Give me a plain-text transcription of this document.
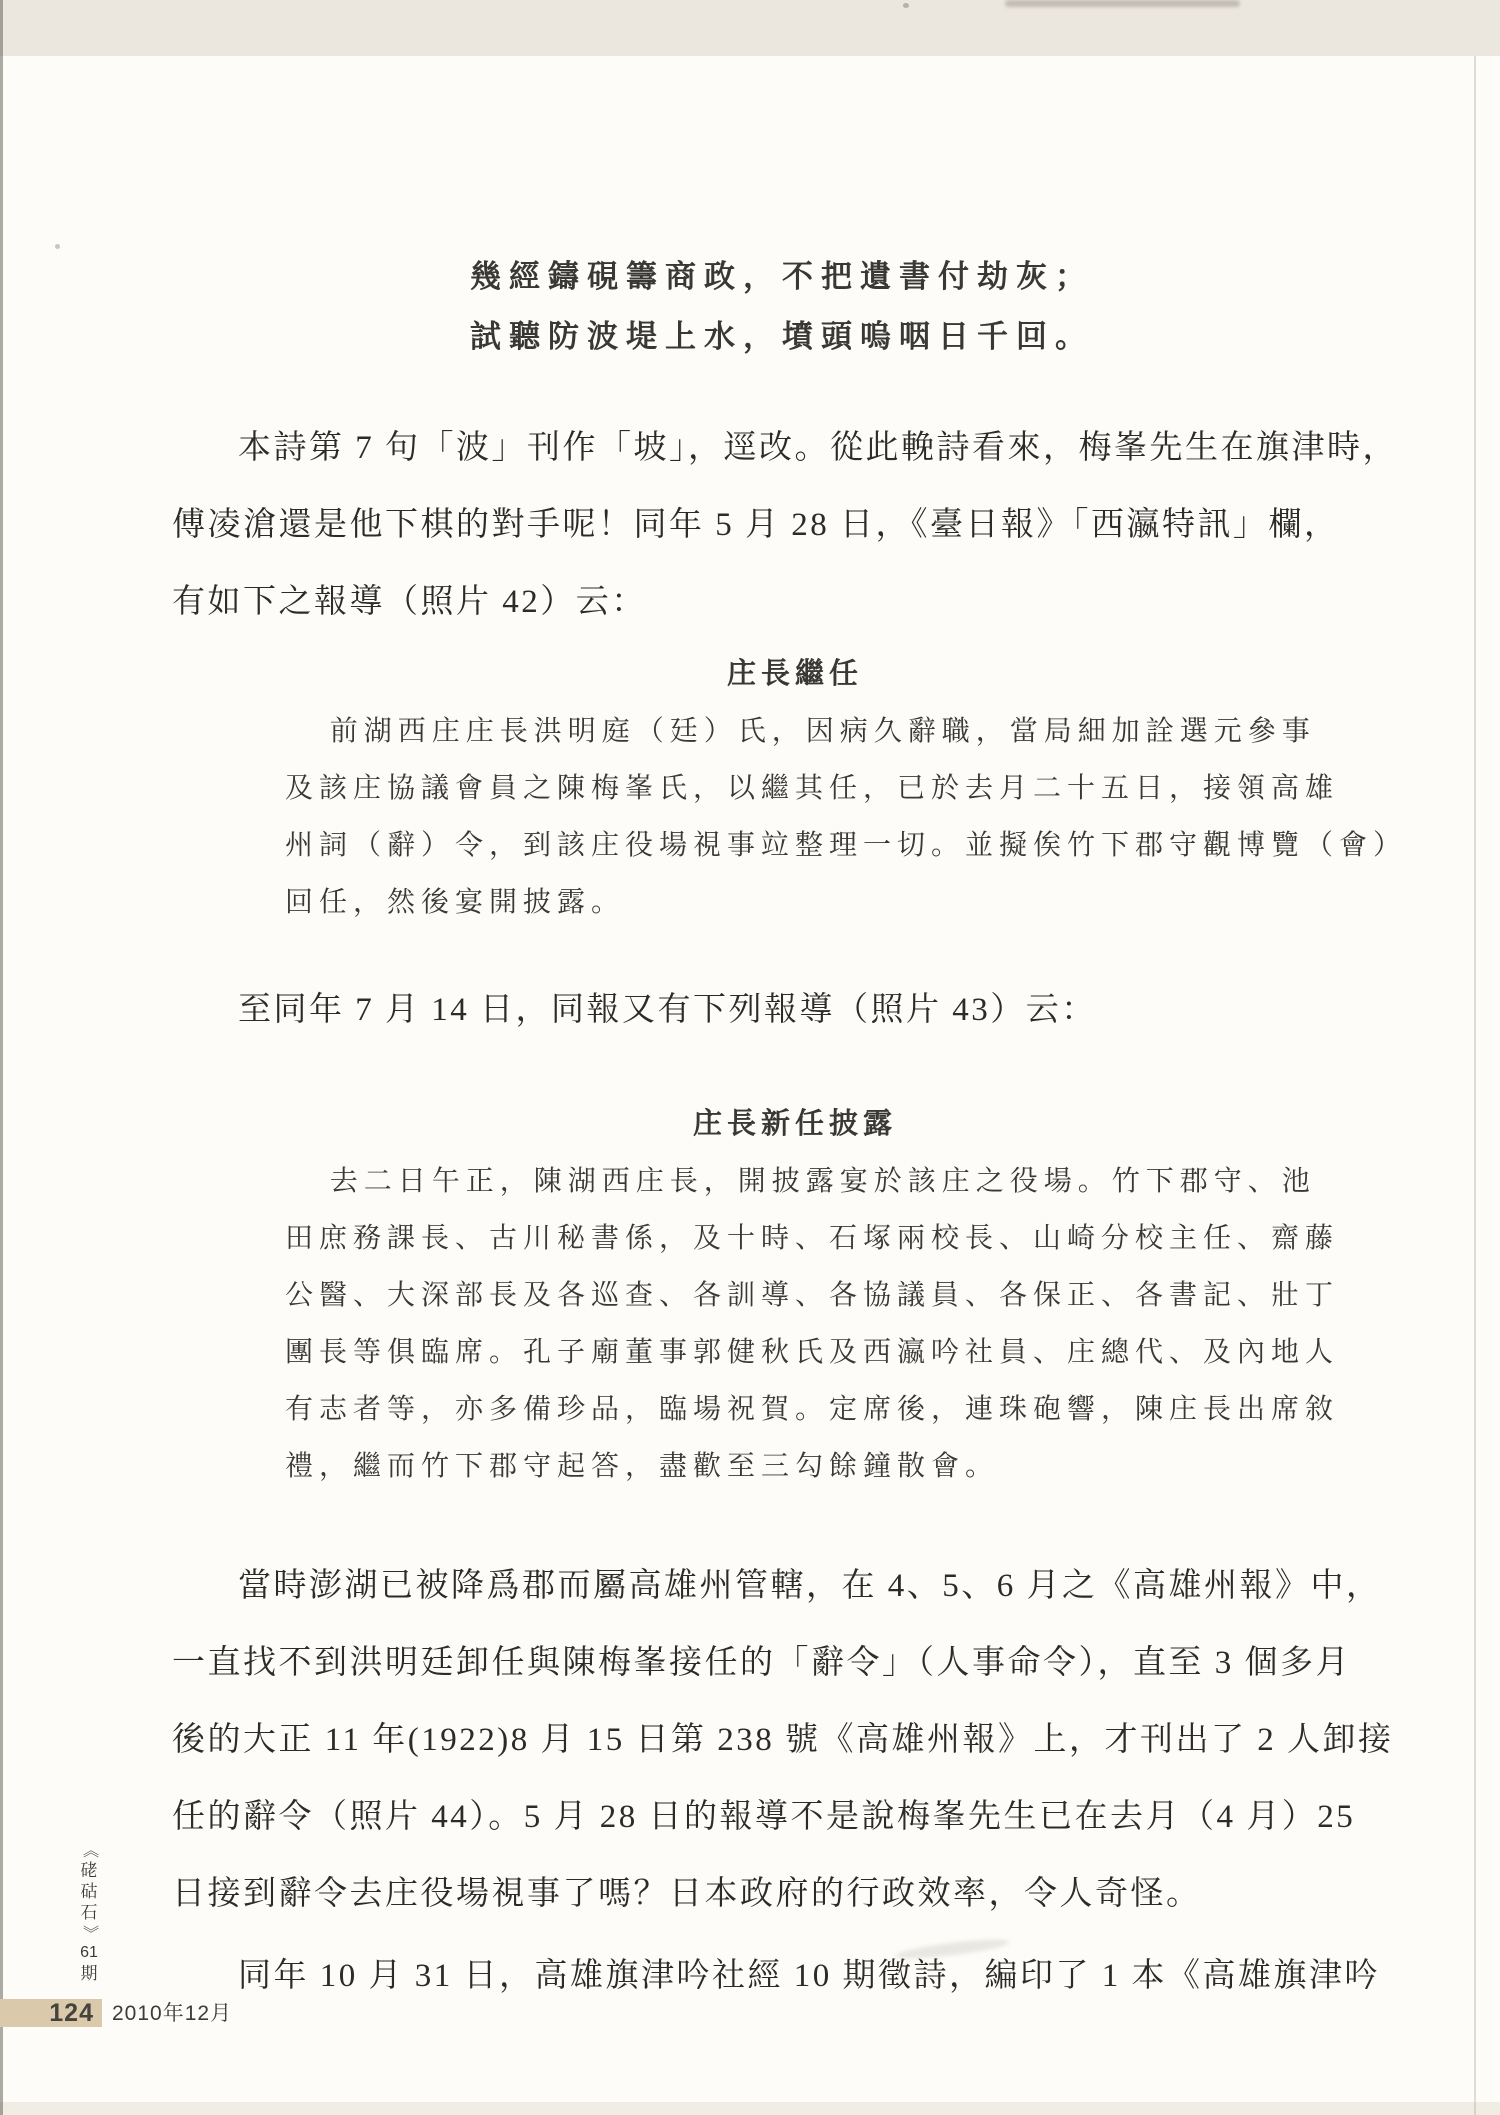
幾經鑄硯籌商政，不把遺書付劫灰；
試聽防波堤上水，墳頭嗚咽日千回。
本詩第 7 句「波」刊作「坡」，逕改。從此輓詩看來，梅峯先生在旗津時，
傅凌滄還是他下棋的對手呢！同年 5 月 28 日，《臺日報》「西瀛特訊」欄，
有如下之報導（照片 42）云：
庄長繼任
前湖西庄庄長洪明庭（廷）氏，因病久辭職，當局細加詮選元參事
及該庄協議會員之陳梅峯氏，以繼其任，已於去月二十五日，接領高雄
州詞（辭）令，到該庄役場視事竝整理一切。並擬俟竹下郡守觀博覽（會）
回任，然後宴開披露。
至同年 7 月 14 日，同報又有下列報導（照片 43）云：
庄長新任披露
去二日午正，陳湖西庄長，開披露宴於該庄之役場。竹下郡守、池
田庶務課長、古川秘書係，及十時、石塚兩校長、山崎分校主任、齋藤
公醫、大深部長及各巡查、各訓導、各協議員、各保正、各書記、壯丁
團長等俱臨席。孔子廟董事郭健秋氏及西瀛吟社員、庄總代、及內地人
有志者等，亦多備珍品，臨場祝賀。定席後，連珠砲響，陳庄長出席敘
禮，繼而竹下郡守起答，盡歡至三勾餘鐘散會。
當時澎湖已被降爲郡而屬高雄州管轄，在 4、5、6 月之《高雄州報》中，
一直找不到洪明廷卸任與陳梅峯接任的「辭令」（人事命令），直至 3 個多月
後的大正 11 年(1922)8 月 15 日第 238 號《高雄州報》上，才刊出了 2 人卸接
任的辭令（照片 44）。5 月 28 日的報導不是說梅峯先生已在去月（4 月）25
日接到辭令去庄役場視事了嗎？日本政府的行政效率，令人奇怪。
同年 10 月 31 日，高雄旗津吟社經 10 期徵詩，編印了 1 本《高雄旗津吟
《
硓
𥑮
石
》
61
期
124 2010年12月
